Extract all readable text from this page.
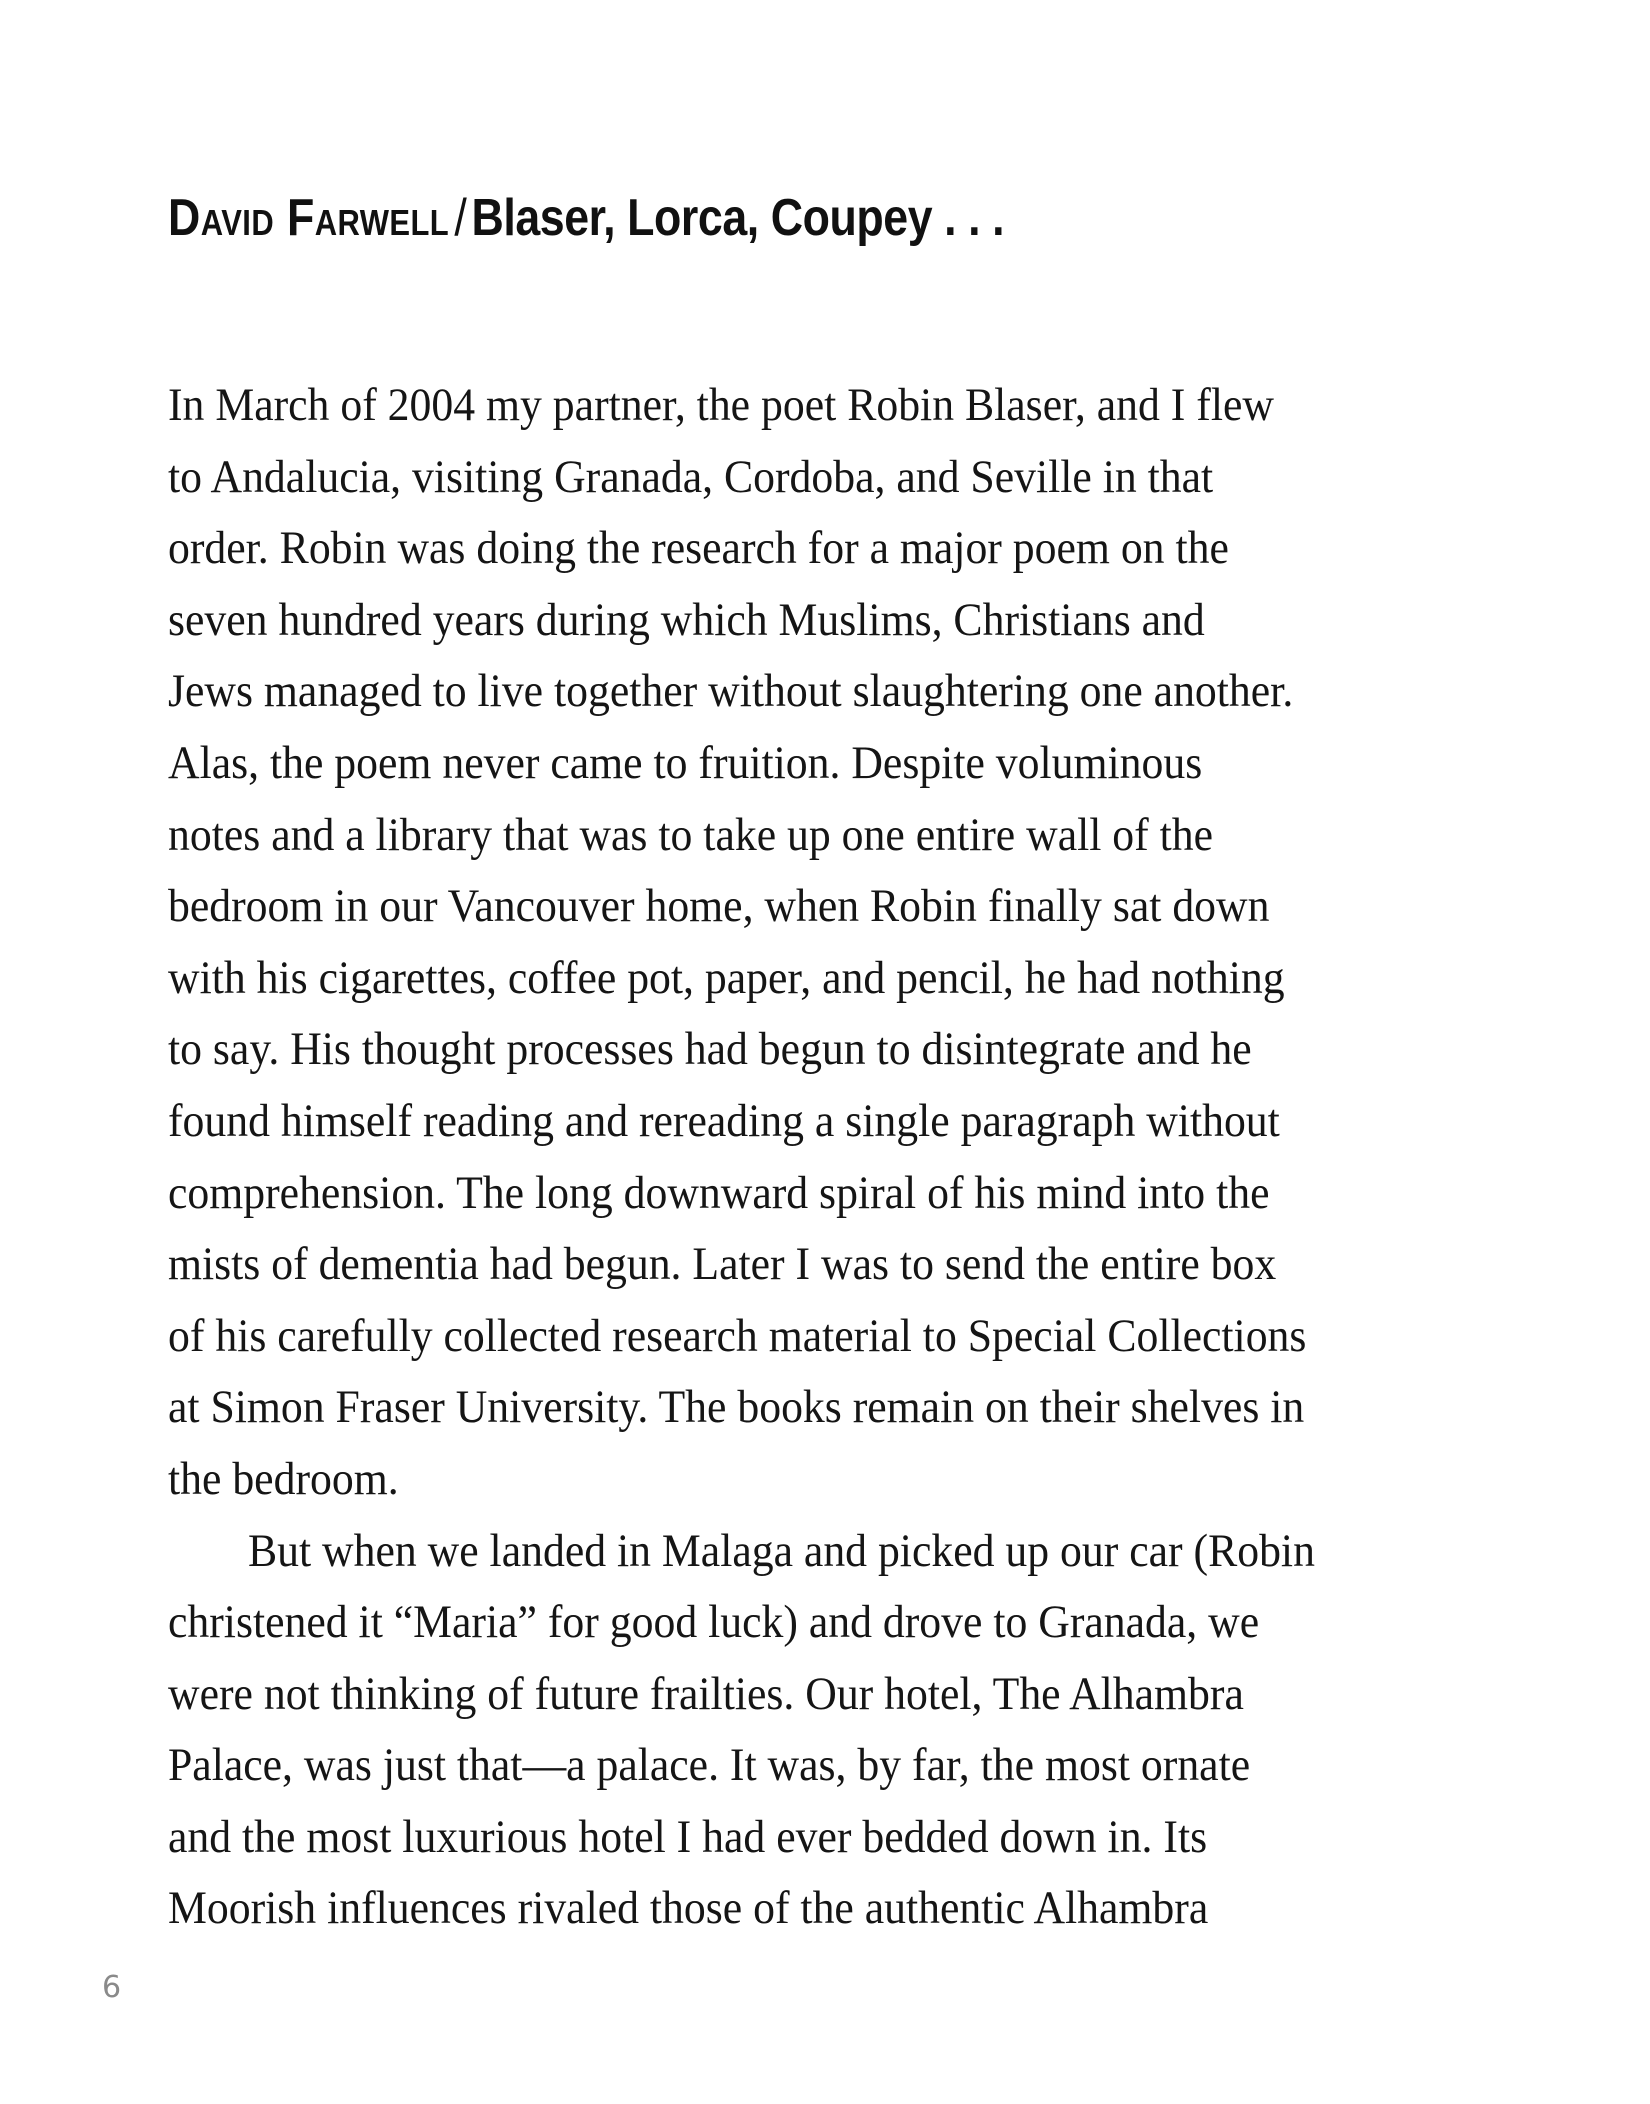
David Farwell/Blaser, Lorca, Coupey . . .
In March of 2004 my partner, the poet Robin Blaser, and I flew
to Andalucia, visiting Granada, Cordoba, and Seville in that
order. Robin was doing the research for a major poem on the
seven hundred years during which Muslims, Christians and
Jews managed to live together without slaughtering one another.
Alas, the poem never came to fruition. Despite voluminous
notes and a library that was to take up one entire wall of the
bedroom in our Vancouver home, when Robin finally sat down
with his cigarettes, coffee pot, paper, and pencil, he had nothing
to say. His thought processes had begun to disintegrate and he
found himself reading and rereading a single paragraph without
comprehension. The long downward spiral of his mind into the
mists of dementia had begun. Later I was to send the entire box
of his carefully collected research material to Special Collections
at Simon Fraser University. The books remain on their shelves in
the bedroom.
But when we landed in Malaga and picked up our car (Robin
christened it “Maria” for good luck) and drove to Granada, we
were not thinking of future frailties. Our hotel, The Alhambra
Palace, was just that—a palace. It was, by far, the most ornate
and the most luxurious hotel I had ever bedded down in. Its
Moorish influences rivaled those of the authentic Alhambra
6
